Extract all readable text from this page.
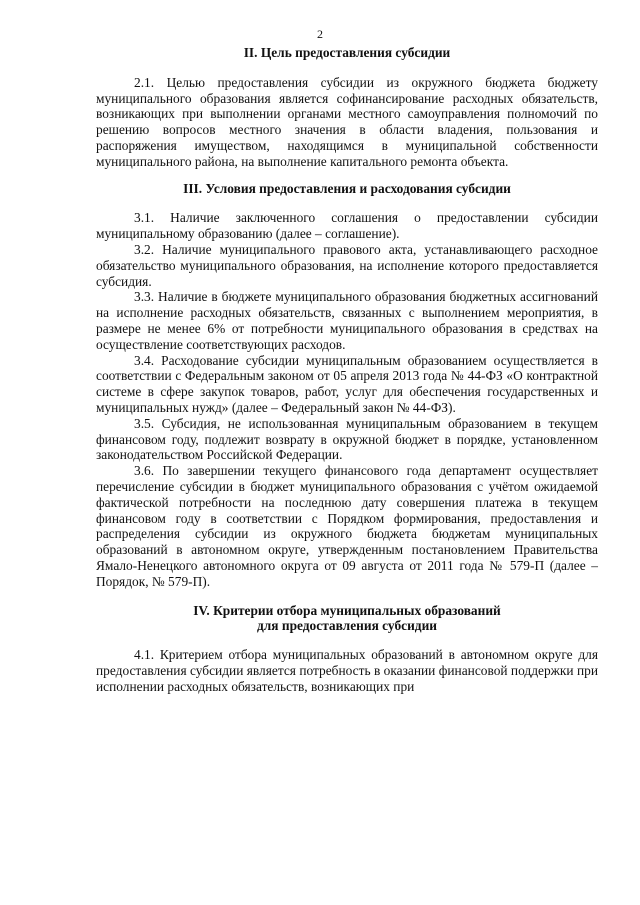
2
II. Цель предоставления субсидии

2.1. Целью предоставления субсидии из окружного бюджета бюджету муниципального образования является софинансирование расходных обязательств, возникающих при выполнении органами местного самоуправления полномочий по решению вопросов местного значения в области владения, пользования и распоряжения имуществом, находящимся в муниципальной собственности муниципального района, на выполнение капитального ремонта объекта.

III. Условия предоставления и расходования субсидии

3.1. Наличие заключенного соглашения о предоставлении субсидии муниципальному образованию (далее – соглашение).

3.2. Наличие муниципального правового акта, устанавливающего расходное обязательство муниципального образования, на исполнение которого предоставляется субсидия.

3.3. Наличие в бюджете муниципального образования бюджетных ассигнований на исполнение расходных обязательств, связанных с выполнением мероприятия, в размере не менее 6% от потребности муниципального образования в средствах на осуществление соответствующих расходов.

3.4. Расходование субсидии муниципальным образованием осуществляется в соответствии с Федеральным законом от 05 апреля 2013 года № 44-ФЗ «О контрактной системе в сфере закупок товаров, работ, услуг для обеспечения государственных и муниципальных нужд» (далее – Федеральный закон № 44-ФЗ).

3.5. Субсидия, не использованная муниципальным образованием в текущем финансовом году, подлежит возврату в окружной бюджет в порядке, установленном законодательством Российской Федерации.

3.6. По завершении текущего финансового года департамент осуществляет перечисление субсидии в бюджет муниципального образования с учётом ожидаемой фактической потребности на последнюю дату совершения платежа в текущем финансовом году в соответствии с Порядком формирования, предоставления и распределения субсидии из окружного бюджета бюджетам муниципальных образований в автономном округе, утвержденным постановлением Правительства Ямало-Ненецкого автономного округа от 09 августа от 2011 года № 579-П (далее – Порядок, № 579-П).

IV. Критерии отбора муниципальных образований
для предоставления субсидии

4.1. Критерием отбора муниципальных образований в автономном округе для предоставления субсидии является потребность в оказании финансовой поддержки при исполнении расходных обязательств, возникающих при
